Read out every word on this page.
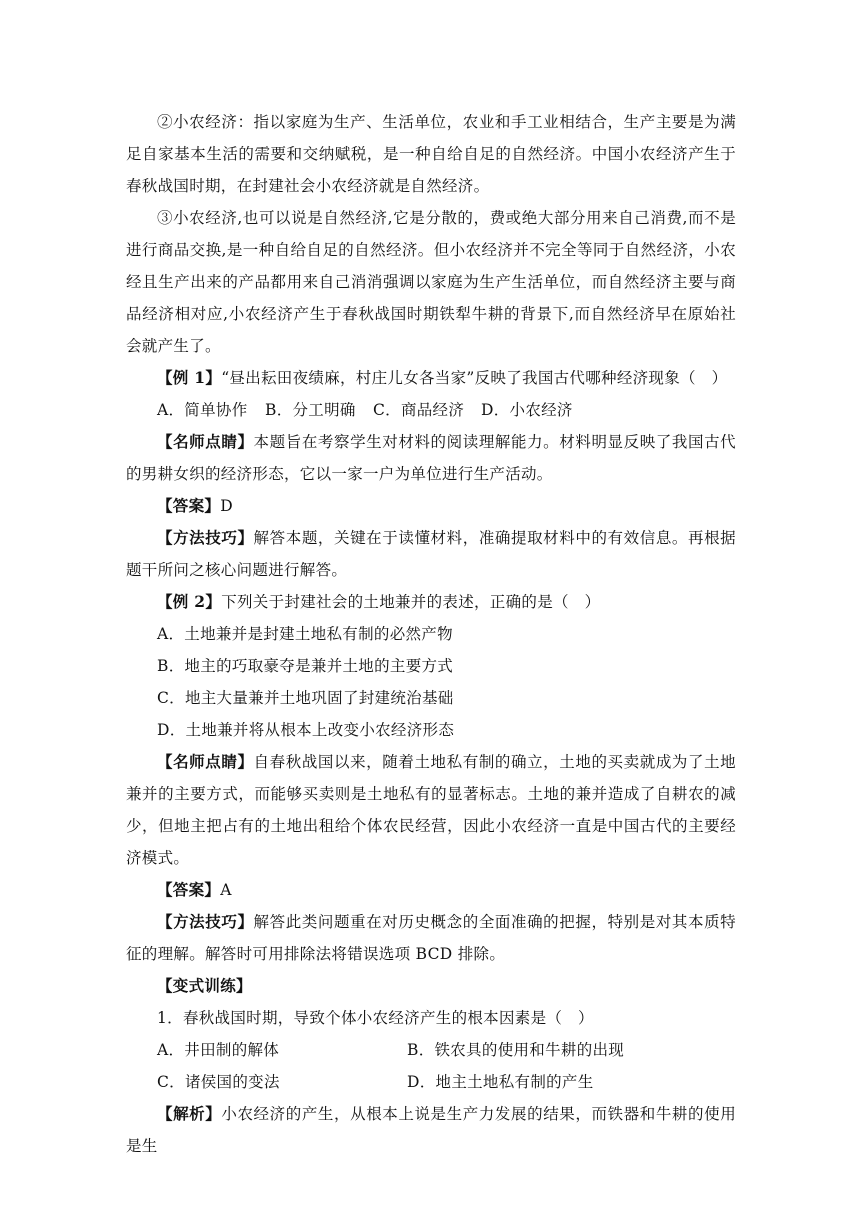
②小农经济：指以家庭为生产、生活单位，农业和手工业相结合，生产主要是为满足自家基本生活的需要和交纳赋税，是一种自给自足的自然经济。中国小农经济产生于春秋战国时期，在封建社会小农经济就是自然经济。

③小农经济,也可以说是自然经济,它是分散的，费或绝大部分用来自己消费,而不是进行商品交换,是一种自给自足的自然经济。但小农经济并不完全等同于自然经济，小农经且生产出来的产品都用来自己消消强调以家庭为生产生活单位，而自然经济主要与商品经济相对应,小农经济产生于春秋战国时期铁犁牛耕的背景下,而自然经济早在原始社会就产生了。

【例 1】“昼出耘田夜绩麻，村庄儿女各当家”反映了我国古代哪种经济现象（　）

A．简单协作	B．分工明确	C．商品经济	D．小农经济

【名师点睛】本题旨在考察学生对材料的阅读理解能力。材料明显反映了我国古代的男耕女织的经济形态，它以一家一户为单位进行生产活动。

【答案】D

【方法技巧】解答本题，关键在于读懂材料，准确提取材料中的有效信息。再根据题干所问之核心问题进行解答。

【例 2】下列关于封建社会的土地兼并的表述，正确的是（　）

A．土地兼并是封建土地私有制的必然产物
B．地主的巧取豪夺是兼并土地的主要方式
C．地主大量兼并土地巩固了封建统治基础
D．土地兼并将从根本上改变小农经济形态

【名师点睛】自春秋战国以来，随着土地私有制的确立，土地的买卖就成为了土地兼并的主要方式，而能够买卖则是土地私有的显著标志。土地的兼并造成了自耕农的减少，但地主把占有的土地出租给个体农民经营，因此小农经济一直是中国古代的主要经济模式。

【答案】A

【方法技巧】解答此类问题重在对历史概念的全面准确的把握，特别是对其本质特征的理解。解答时可用排除法将错误选项 BCD 排除。

【变式训练】

1．春秋战国时期，导致个体小农经济产生的根本因素是（　）
A．井田制的解体	B．铁农具的使用和牛耕的出现
C．诸侯国的变法	D．地主土地私有制的产生

【解析】小农经济的产生，从根本上说是生产力发展的结果，而铁器和牛耕的使用是生
